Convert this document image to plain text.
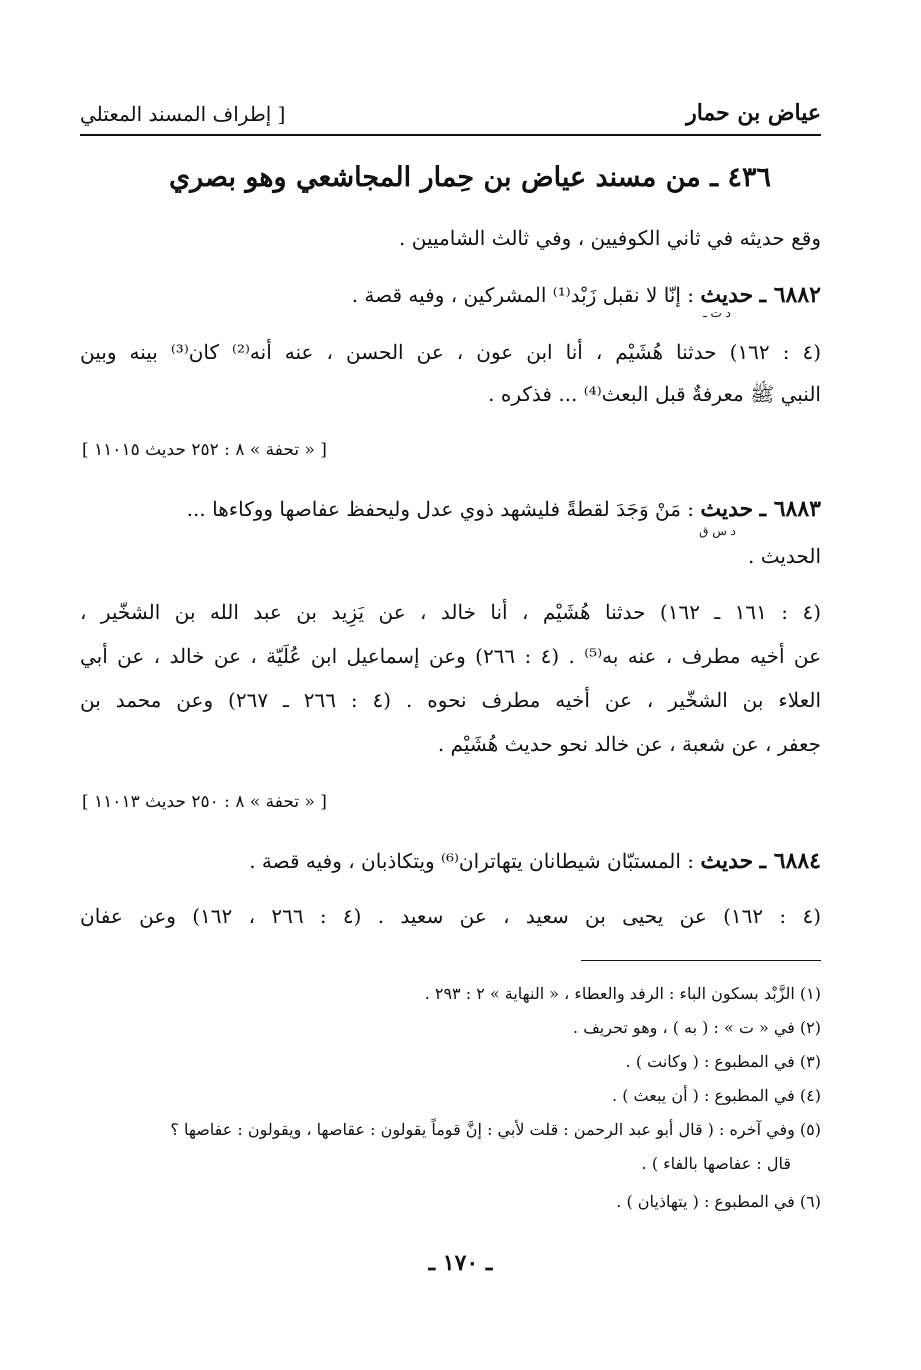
عياض بن حمار
[ إطراف المسند المعتلي
٤٣٦ ـ من مسند عياض بن حِمار المجاشعي وهو بصري
وقع حديثه في ثاني الكوفيين ، وفي ثالث الشاميين .
٦٨٨٢ ـ حديث : إنّا لا نقبل زَبْد⁽¹⁾ المشركين ، وفيه قصة .
د ت ـ
(٤ : ١٦٢) حدثنا هُشَيْم ، أنا ابن عون ، عن الحسن ، عنه أنه⁽²⁾ كان⁽³⁾ بينه وبين
النبي ﷺ معرفةٌ قبل البعث⁽⁴⁾ ... فذكره .
[ « تحفة » ٨ : ٢٥٢ حديث ١١٠١٥ ]
٦٨٨٣ ـ حديث : مَنْ وَجَدَ لقطةً فليشهد ذوي عدل وليحفظ عفاصها ووكاءها ...
د س ق
الحديث .
(٤ : ١٦١ ـ ١٦٢) حدثنا هُشَيْم ، أنا خالد ، عن يَزِيد بن عبد الله بن الشخّير ،
عن أخيه مطرف ، عنه به⁽⁵⁾ . (٤ : ٢٦٦) وعن إسماعيل ابن عُلَيّة ، عن خالد ، عن أبي
العلاء بن الشخّير ، عن أخيه مطرف نحوه . (٤ : ٢٦٦ ـ ٢٦٧) وعن محمد بن
جعفر ، عن شعبة ، عن خالد نحو حديث هُشَيْم .
[ « تحفة » ٨ : ٢٥٠ حديث ١١٠١٣ ]
٦٨٨٤ ـ حديث : المستبّان شيطانان يتهاتران⁽⁶⁾ ويتكاذبان ، وفيه قصة .
(٤ : ١٦٢) عن يحيى بن سعيد ، عن سعيد . (٤ : ٢٦٦ ، ١٦٢) وعن عفان
(١) الزَّبْد بسكون الباء : الرفد والعطاء ، « النهاية » ٢ : ٢٩٣ .
(٢) في « ت » : ( به ) ، وهو تحريف .
(٣) في المطبوع : ( وكانت ) .
(٤) في المطبوع : ( أن يبعث ) .
(٥) وفي آخره : ( قال أبو عبد الرحمن : قلت لأبي : إنَّ قوماً يقولون : عقاصها ، ويقولون : عفاصها ؟
قال : عفاصها بالفاء ) .
(٦) في المطبوع : ( يتهاذيان ) .
ـ ١٧٠ ـ
